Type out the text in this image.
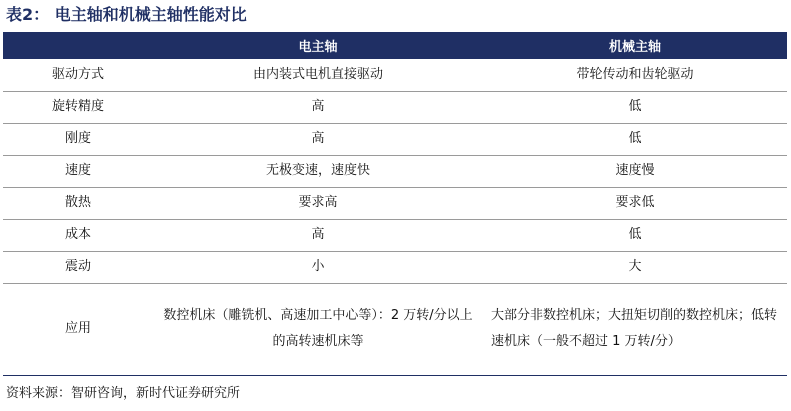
表2： 电主轴和机械主轴性能对比
	电主轴	机械主轴
驱动方式	由内装式电机直接驱动	带轮传动和齿轮驱动
旋转精度	高	低
刚度	高	低
速度	无极变速，速度快	速度慢
散热	要求高	要求低
成本	高	低
震动	小	大
应用	数控机床（雕铣机、高速加工中心等）：2 万转/分以上的高转速机床等	大部分非数控机床；大扭矩切削的数控机床；低转速机床（一般不超过 1 万转/分）
资料来源：智研咨询，新时代证券研究所
